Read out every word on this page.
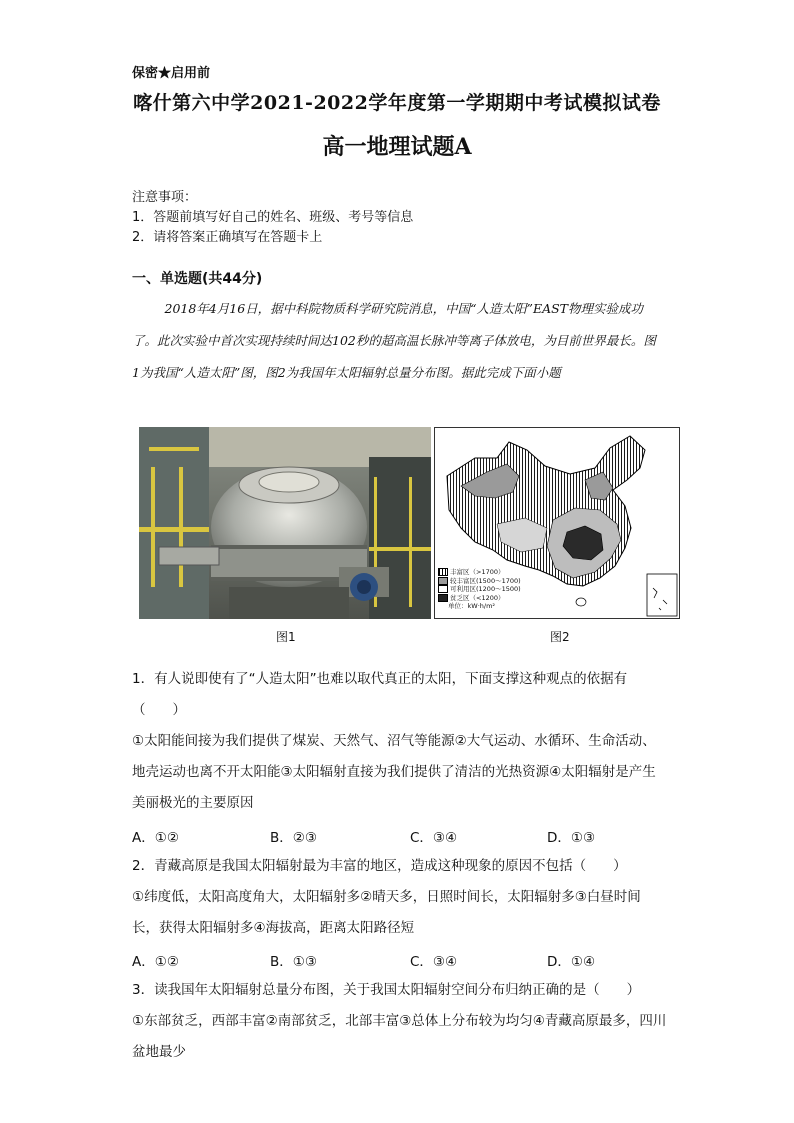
保密★启用前
喀什第六中学2021-2022学年度第一学期期中考试模拟试卷
高一地理试题A
注意事项：
1．答题前填写好自己的姓名、班级、考号等信息
2．请将答案正确填写在答题卡上
一、单选题(共44分)
2018年4月16日，据中科院物质科学研究院消息，中国“人造太阳”EAST物理实验成功了。此次实验中首次实现持续时间达102秒的超高温长脉冲等离子体放电，为目前世界最长。图1为我国“人造太阳”图，图2为我国年太阳辐射总量分布图。据此完成下面小题
丰富区（>1700）
较丰富区(1500～1700)
可利用区(1200～1500)
贫乏区（<1200）
单位：kW·h/m²
图1	图2
1．有人说即使有了“人造太阳”也难以取代真正的太阳，下面支撑这种观点的依据有（　　）
①太阳能间接为我们提供了煤炭、天然气、沼气等能源②大气运动、水循环、生命活动、地壳运动也离不开太阳能③太阳辐射直接为我们提供了清洁的光热资源④太阳辐射是产生美丽极光的主要原因
A．①②	B．②③	C．③④	D．①③
2．青藏高原是我国太阳辐射最为丰富的地区，造成这种现象的原因不包括（　　）
①纬度低，太阳高度角大，太阳辐射多②晴天多，日照时间长，太阳辐射多③白昼时间长，获得太阳辐射多④海拔高，距离太阳路径短
A．①②	B．①③	C．③④	D．①④
3．读我国年太阳辐射总量分布图，关于我国太阳辐射空间分布归纳正确的是（　　）
①东部贫乏，西部丰富②南部贫乏，北部丰富③总体上分布较为均匀④青藏高原最多，四川盆地最少
